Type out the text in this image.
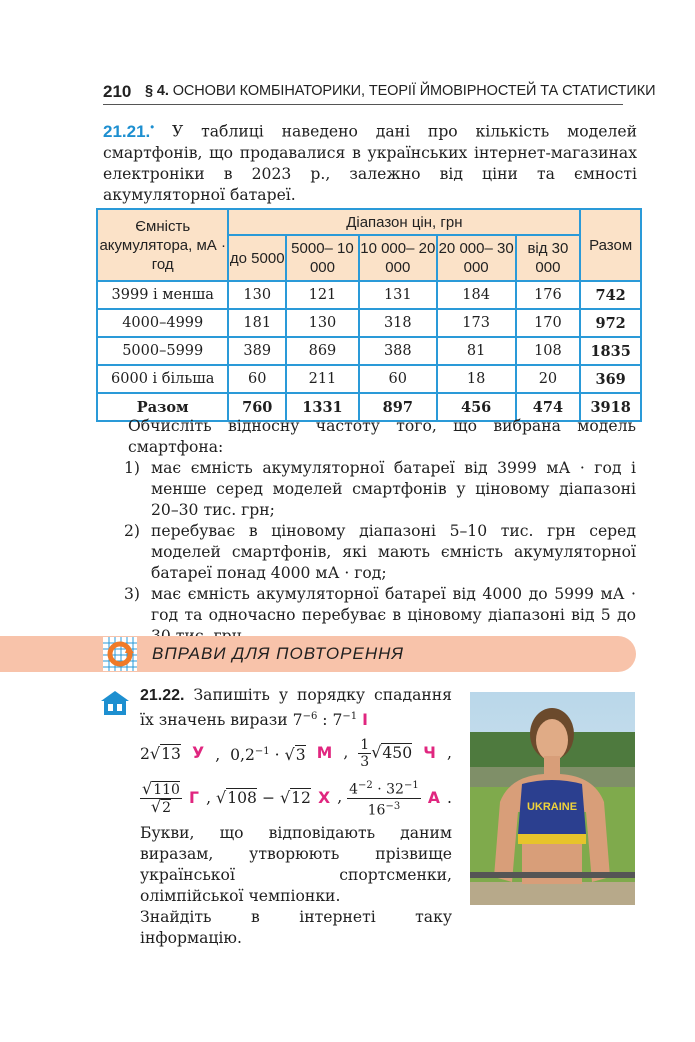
210 § 4. ОСНОВИ КОМБІНАТОРИКИ, ТЕОРІЇ ЙМОВІРНОСТЕЙ ТА СТАТИСТИКИ
21.21.• У таблиці наведено дані про кількість моделей смартфонів, що продавалися в українських інтернет-магазинах електроніки в 2023 р., залежно від ціни та ємності акумуляторної батареї.
Ємність акумулятора, мА · год	Діапазон цін, грн					Разом
	до 5000	5000– 10 000	10 000– 20 000	20 000– 30 000	від 30 000	
3999 і менша	130	121	131	184	176	742
4000–4999	181	130	318	173	170	972
5000–5999	389	869	388	81	108	1835
6000 і більша	60	211	60	18	20	369
Разом	760	1331	897	456	474	3918

Обчисліть відносну частоту того, що вибрана модель смартфона:

1) має ємність акумуляторної батареї від 3999 мА · год і менше серед моделей смартфонів у ціновому діапазоні 20–30 тис. грн;
2) перебуває в ціновому діапазоні 5–10 тис. грн серед моделей смартфонів, які мають ємність акумуляторної батареї понад 4000 мА · год;
3) має ємність акумуляторної батареї від 4000 до 5999 мА · год та одночасно перебуває в ціновому діапазоні від 5 до
ВПРАВИ ДЛЯ ПОВТОРЕННЯ
21.22. Запишіть у порядку спадання їх значень вирази $7^{-6}$ : $7^{-1}$ І
2√13 У ,  $0,2^{-1} \cdot √3$ М , $\frac{1}{3} √450$ Ч ,
$\frac{√110}{√2}$ Г , √108 − √12 Х , $\frac{4^{-2} \cdot 32^{-1}}{16^{-3}}$ А .
Букви, що відповідають даним виразам, утворюють прізвище української спортсменки, олімпійської чемпіонки.
Знайдіть в інтернеті таку інформацію.
UKRAINE
